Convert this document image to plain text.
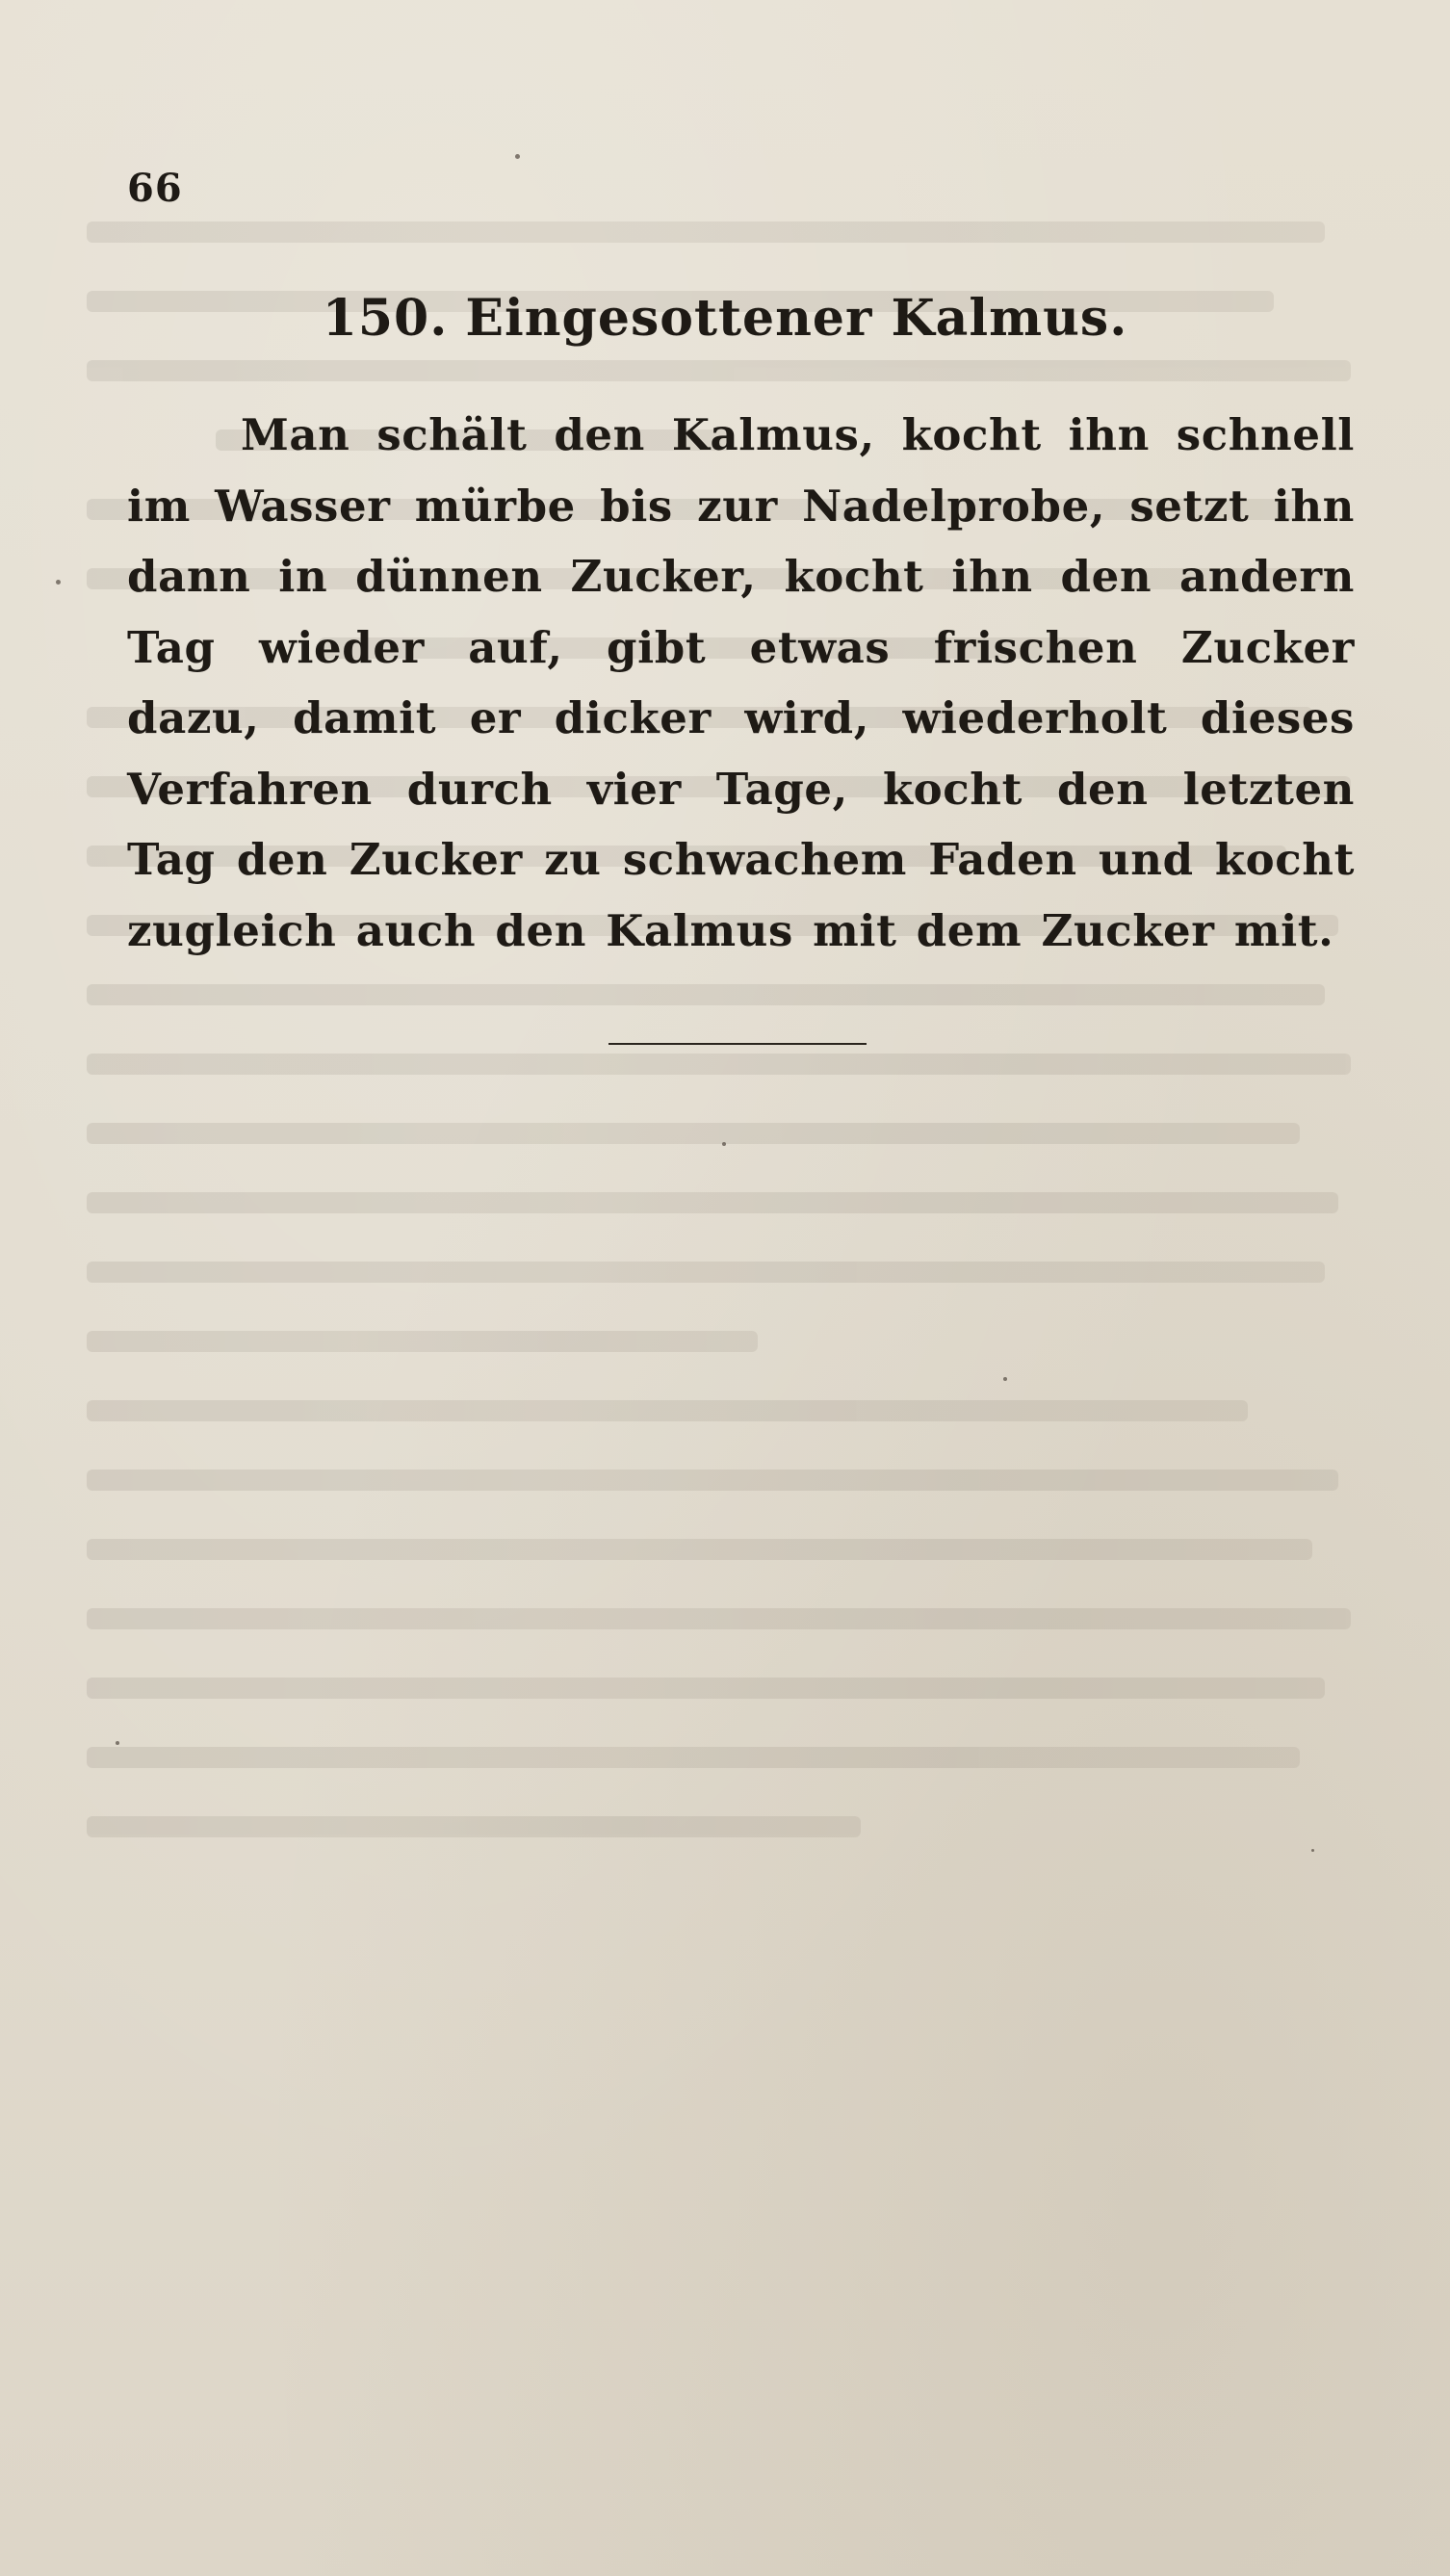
66
150. Eingesottener Kalmus.
Man schält den Kalmus, kocht ihn schnell im Wasser mürbe bis zur Nadelprobe, setzt ihn dann in dünnen Zucker, kocht ihn den andern Tag wieder auf, gibt etwas frischen Zucker dazu, damit er dicker wird, wiederholt dieses Verfahren durch vier Tage, kocht den letzten Tag den Zucker zu schwachem Faden und kocht zugleich auch den Kalmus mit dem Zucker mit.
